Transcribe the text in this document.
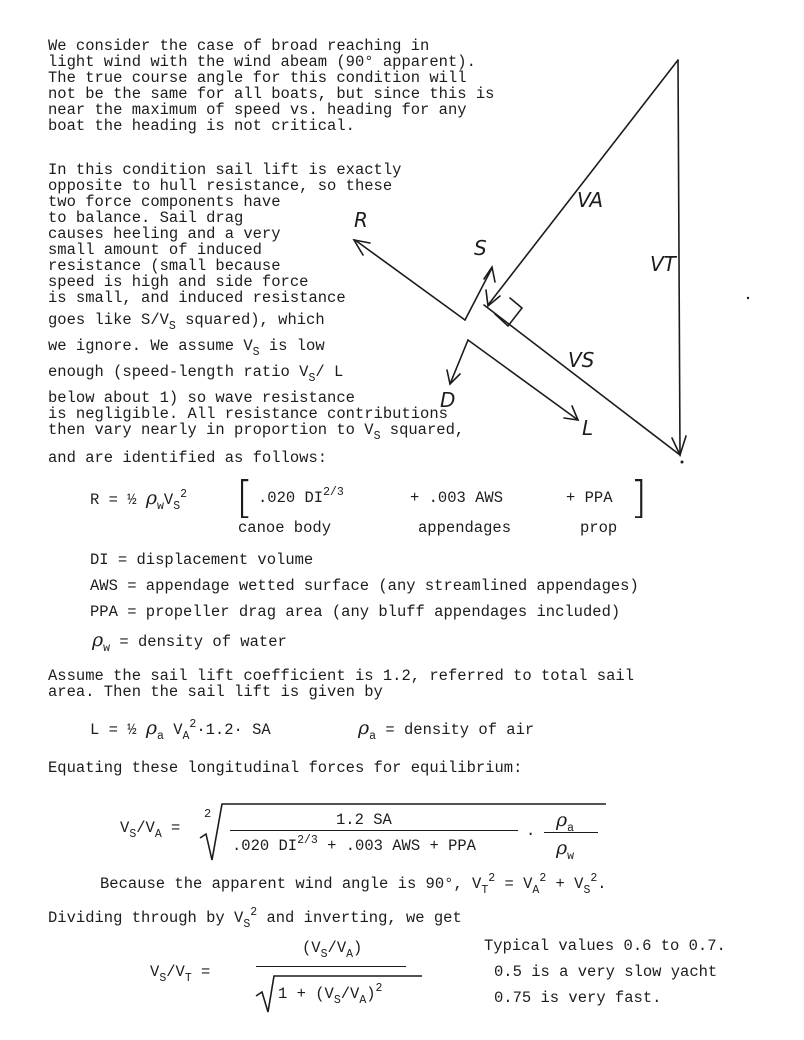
VA
VT
VS
R
S
D
L
We consider the case of broad reaching in
light wind with the wind abeam (90° apparent).
The true course angle for this condition will
not be the same for all boats, but since this is
near the maximum of speed vs. heading for any
boat the heading is not critical.
In this condition sail lift is exactly
opposite to hull resistance, so these
two force components have
to balance. Sail drag
causes heeling and a very
small amount of induced
resistance (small because
speed is high and side force
is small, and induced resistance
goes like $S/V_S$ squared), which
we ignore. We assume $V_S$ is low
enough (speed-length ratio $V_S/$ L
below about 1) so wave resistance
is negligible. All resistance contributions
then vary nearly in proportion to $V_S$ squared,
and are identified as follows:
R = ½ $\rho_wV_S^2$ [ .020 $DI^{2/3}$	+ .003 AWS	+ PPA ]
canoe body	appendages	prop
DI = displacement volume
AWS = appendage wetted surface (any streamlined appendages)
PPA = propeller drag area (any bluff appendages included)
$\rho_w$ = density of water
Assume the sail lift coefficient is 1.2, referred to total sail
area. Then the sail lift is given by
L = ½ $\rho_a$ $V_A^2\cdot 1.2\cdot$ SA	$\rho_a$ = density of air
Equating these longitudinal forces for equilibrium:
$V_S/V_A$ =
2	1.2 SA
.020 $DI^{2/3} + .003$ AWS + PPA
·
$\rho_a$
$\rho_w$
Because the apparent wind angle is 90°, $V_T^2 = V_A^2 + V_S^2$.
Dividing through by $V_S^2$ and inverting, we get
$V_S/V_T$ =
$(V_S/V_A)$
$1 + (V_S/V_A)^2$
Typical values 0.6 to 0.7.
0.5 is a very slow yacht
0.75 is very fast.
